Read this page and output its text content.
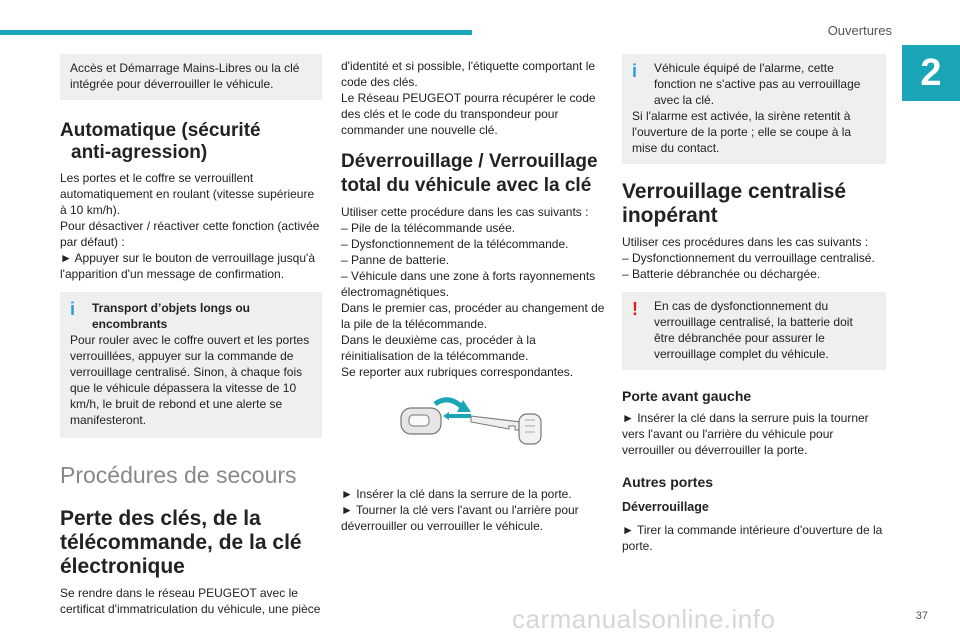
Ouvertures
2

Accès et Démarrage Mains-Libres ou la clé intégrée pour déverrouiller le véhicule.

Automatique (sécurité
anti-agression)

Les portes et le coffre se verrouillent automatiquement en roulant (vitesse supérieure à 10 km/h).

Pour désactiver / réactiver cette fonction (activée par défaut) :

► Appuyer sur le bouton de verrouillage jusqu'à l'apparition d'un message de confirmation.

i	Transport d’objets longs ou encombrants

Pour rouler avec le coffre ouvert et les portes verrouillées, appuyer sur la commande de verrouillage centralisé. Sinon, à chaque fois que le véhicule dépassera la vitesse de 10 km/h, le bruit de rebond et une alerte se manifesteront.

Procédures de secours
Perte des clés, de la
télécommande, de la clé
électronique

Se rendre dans le réseau PEUGEOT avec le certificat d'immatriculation du véhicule, une pièce

d'identité et si possible, l'étiquette comportant le code des clés.

Le Réseau PEUGEOT pourra récupérer le code des clés et le code du transpondeur pour commander une nouvelle clé.

Déverrouillage / Verrouillage
total du véhicule avec la clé

Utiliser cette procédure dans les cas suivants :

– Pile de la télécommande usée.

– Dysfonctionnement de la télécommande.

– Panne de batterie.

– Véhicule dans une zone à forts rayonnements électromagnétiques.

Dans le premier cas, procéder au changement de la pile de la télécommande.

Dans le deuxième cas, procéder à la réinitialisation de la télécommande.

Se reporter aux rubriques correspondantes.

► Insérer la clé dans la serrure de la porte.

► Tourner la clé vers l'avant ou l'arrière pour déverrouiller ou verrouiller le véhicule.

i	Véhicule équipé de l'alarme, cette fonction ne s'active pas au verrouillage avec la clé.

Si l'alarme est activée, la sirène retentit à l'ouverture de la porte ; elle se coupe à la mise du contact.

Verrouillage centralisé
inopérant

Utiliser ces procédures dans les cas suivants :

– Dysfonctionnement du verrouillage centralisé.

– Batterie débranchée ou déchargée.

!	En cas de dysfonctionnement du verrouillage centralisé, la batterie doit être débranchée pour assurer le verrouillage complet du véhicule.

Porte avant gauche

► Insérer la clé dans la serrure puis la tourner vers l'avant ou l'arrière du véhicule pour verrouiller ou déverrouiller la porte.

Autres portes
Déverrouillage

► Tirer la commande intérieure d'ouverture de la porte.

carmanualsonline.info	37
